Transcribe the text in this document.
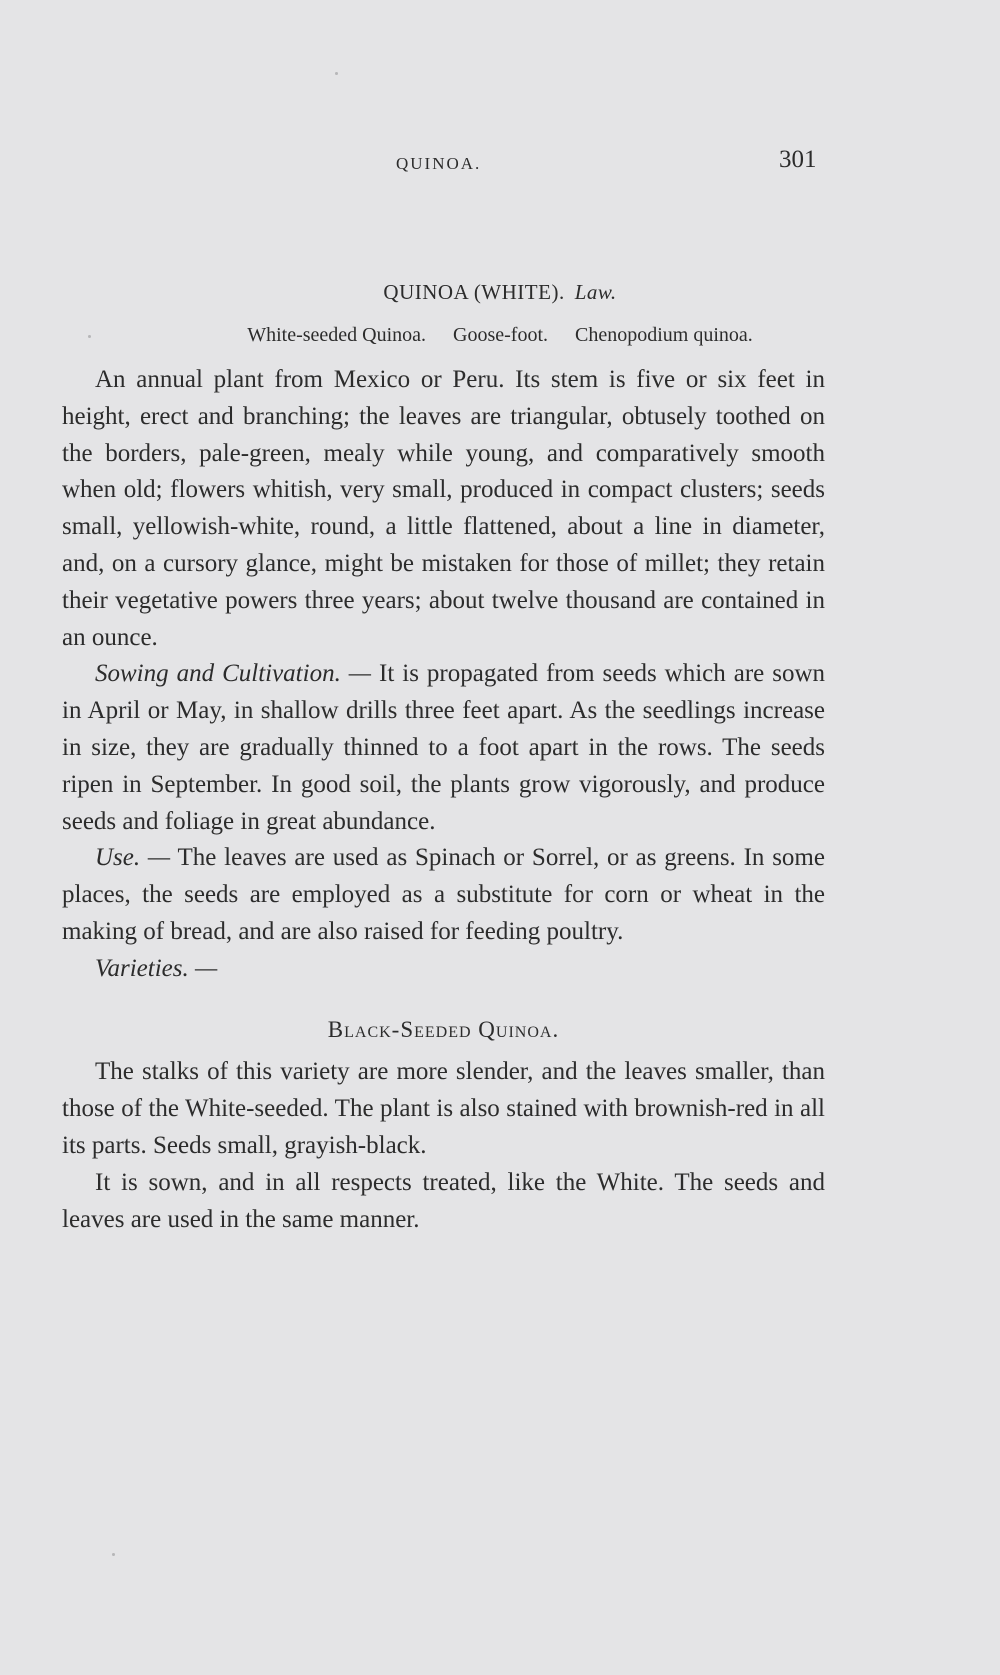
QUINOA.	301
QUINOA (WHITE). Law.
White-seeded Quinoa. Goose-foot. Chenopodium quinoa.

An annual plant from Mexico or Peru. Its stem is five or six feet in height, erect and branching; the leaves are triangular, obtusely toothed on the borders, pale-green, mealy while young, and comparatively smooth when old; flowers whitish, very small, produced in compact clusters; seeds small, yellowish-white, round, a little flattened, about a line in diameter, and, on a cursory glance, might be mistaken for those of millet; they retain their vegetative powers three years; about twelve thousand are contained in an ounce.

Sowing and Cultivation. — It is propagated from seeds which are sown in April or May, in shallow drills three feet apart. As the seedlings increase in size, they are gradually thinned to a foot apart in the rows. The seeds ripen in September. In good soil, the plants grow vigorously, and produce seeds and foliage in great abundance.

Use. — The leaves are used as Spinach or Sorrel, or as greens. In some places, the seeds are employed as a substitute for corn or wheat in the making of bread, and are also raised for feeding poultry.

Varieties. —

Black-Seeded Quinoa.

The stalks of this variety are more slender, and the leaves smaller, than those of the White-seeded. The plant is also stained with brownish-red in all its parts. Seeds small, grayish-black.

It is sown, and in all respects treated, like the White. The seeds and leaves are used in the same manner.
